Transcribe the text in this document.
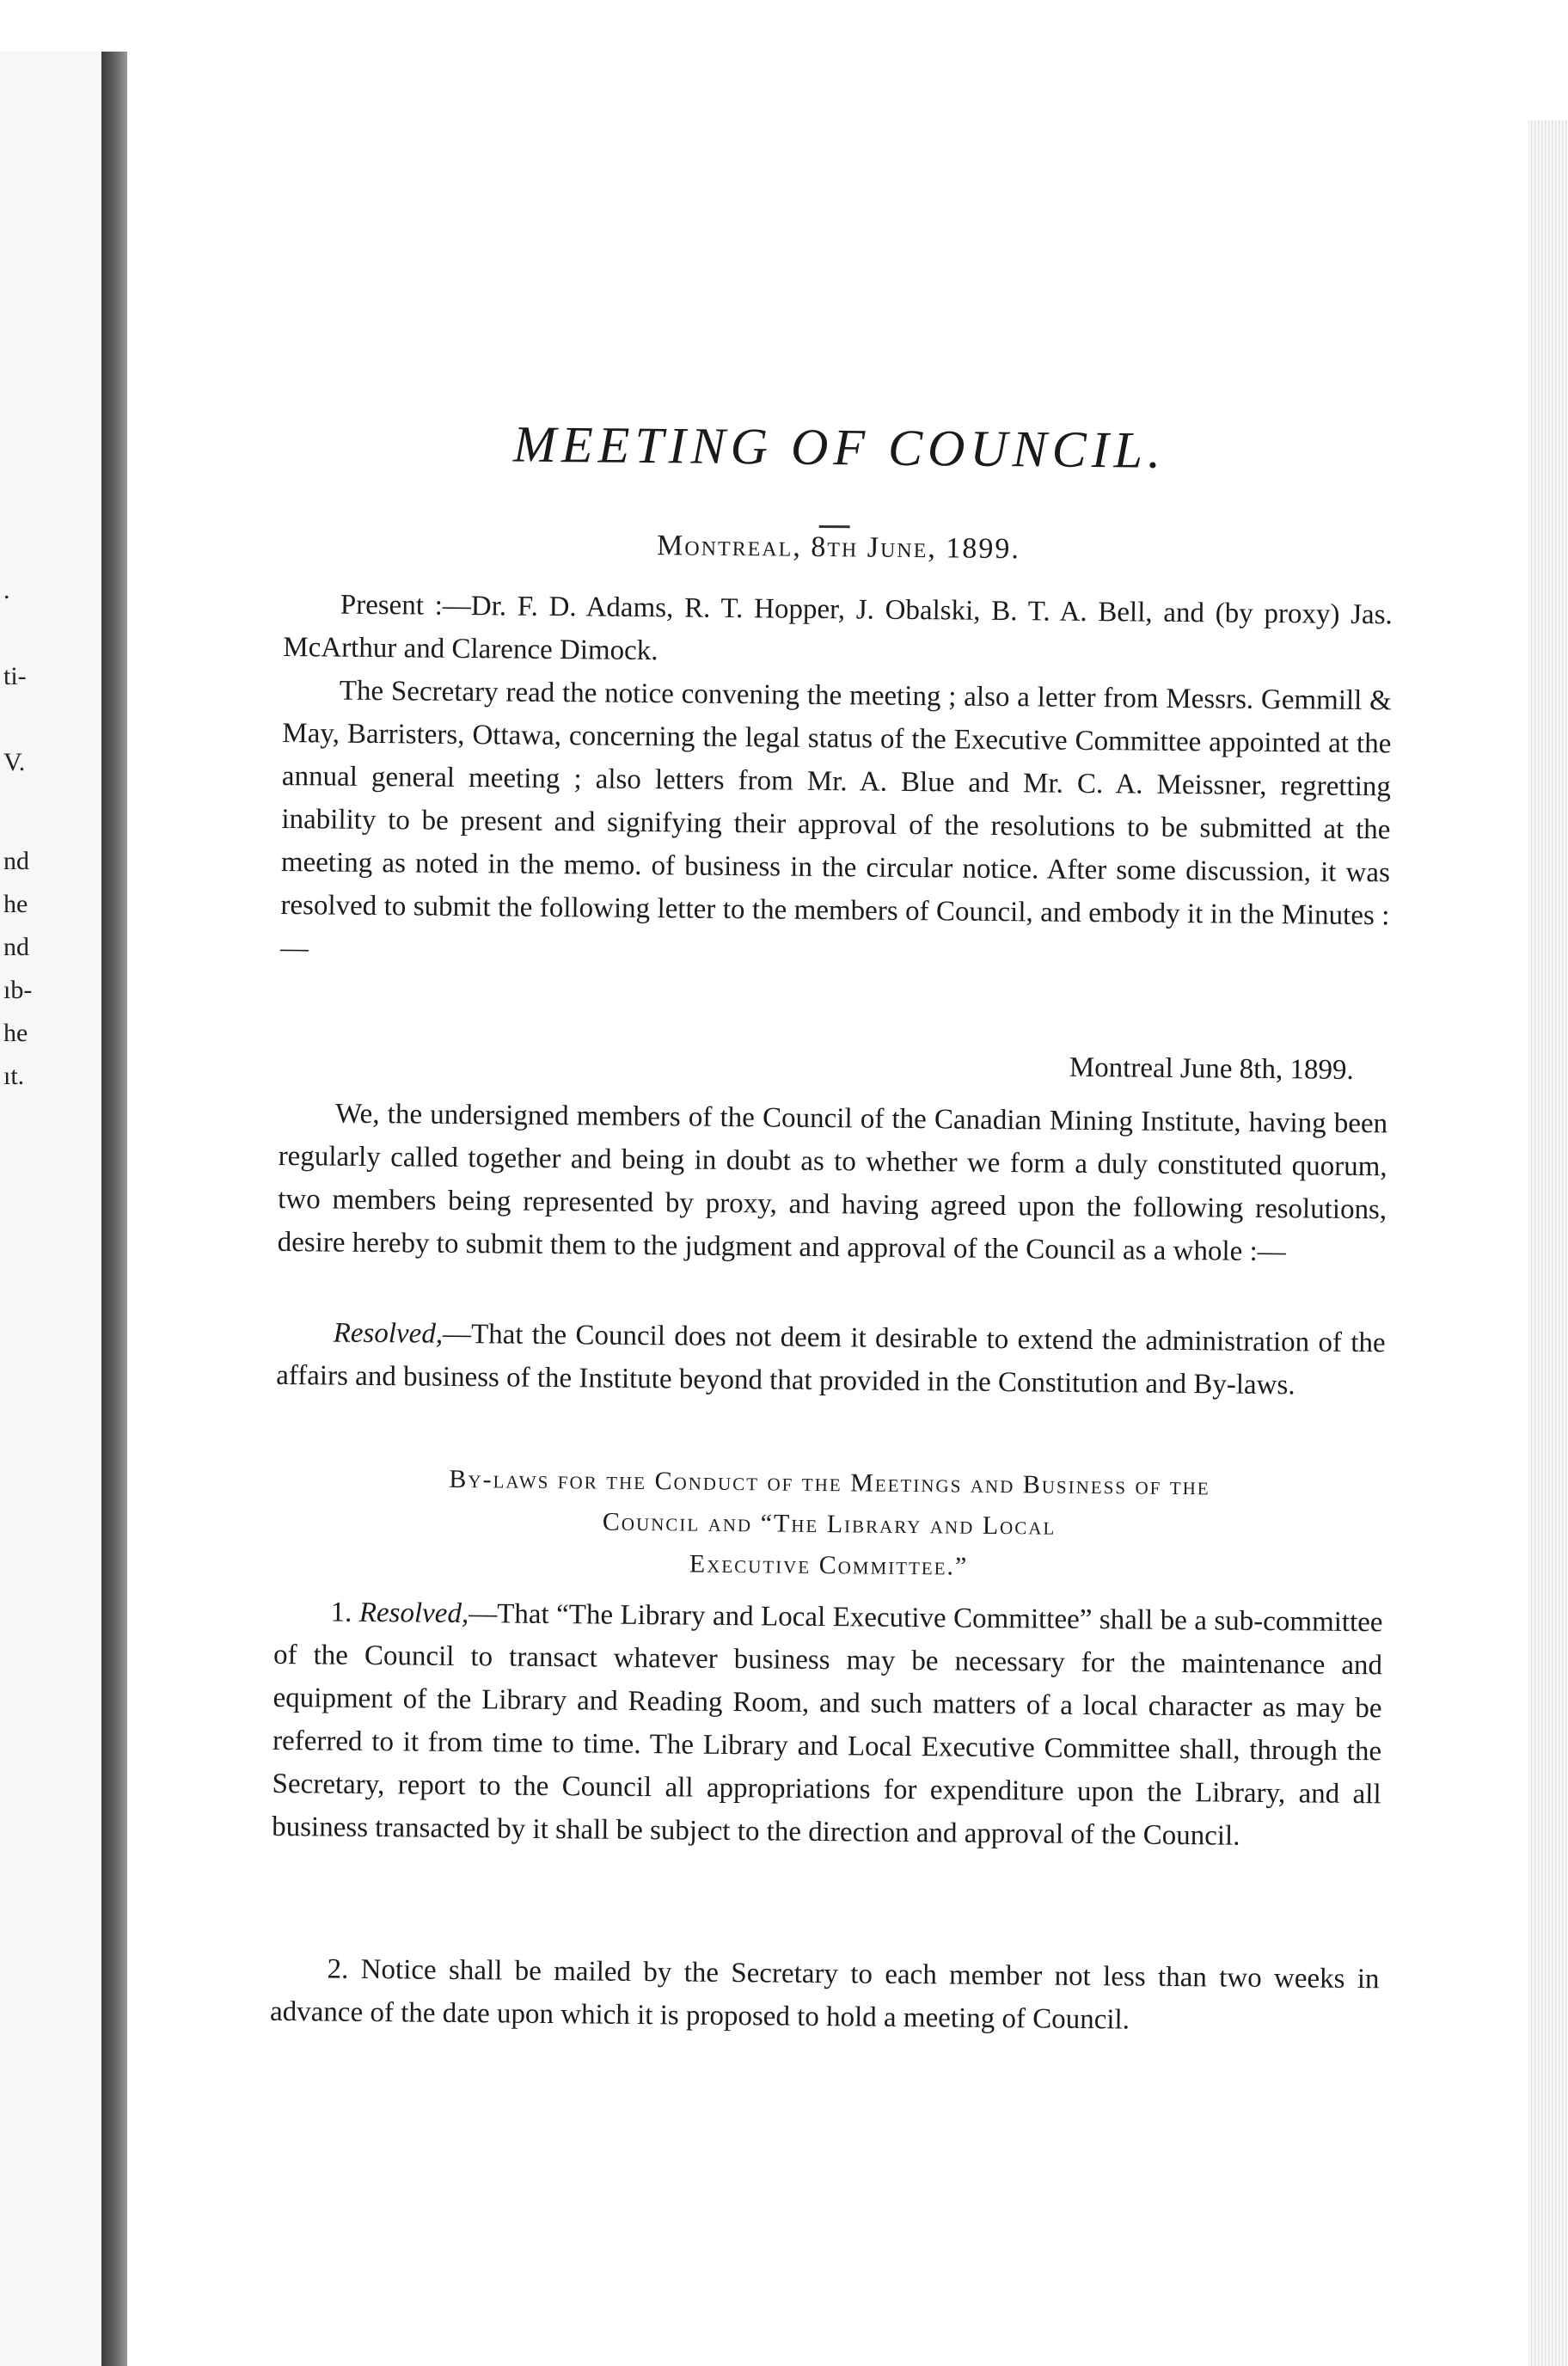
.
ti-
V.
nd
he
nd
ıb-
he
ıt.
MEETING OF COUNCIL.
Montreal, 8th June, 1899.
Present :—Dr. F. D. Adams, R. T. Hopper, J. Obalski, B. T. A. Bell, and (by proxy) Jas. McArthur and Clarence Dimock.
The Secretary read the notice convening the meeting ; also a letter from Messrs. Gemmill & May, Barristers, Ottawa, concerning the legal status of the Executive Committee appointed at the annual general meeting ; also letters from Mr. A. Blue and Mr. C. A. Meissner, regretting inability to be present and signifying their approval of the resolutions to be submitted at the meeting as noted in the memo. of business in the circular notice. After some discussion, it was resolved to submit the following letter to the members of Council, and embody it in the Minutes :—
Montreal June 8th, 1899.
We, the undersigned members of the Council of the Canadian Mining Institute, having been regularly called together and being in doubt as to whether we form a duly constituted quorum, two members being represented by proxy, and having agreed upon the following resolutions, desire hereby to submit them to the judgment and approval of the Council as a whole :—
Resolved,—That the Council does not deem it desirable to extend the administration of the affairs and business of the Institute beyond that provided in the Constitution and By-laws.
By-laws for the Conduct of the Meetings and Business of the
Council and “The Library and Local
Executive Committee.”
1. Resolved,—That “The Library and Local Executive Committee” shall be a sub-committee of the Council to transact whatever business may be necessary for the maintenance and equipment of the Library and Reading Room, and such matters of a local character as may be referred to it from time to time. The Library and Local Executive Committee shall, through the Secretary, report to the Council all appropriations for expenditure upon the Library, and all business transacted by it shall be subject to the direction and approval of the Council.
2. Notice shall be mailed by the Secretary to each member not less than two weeks in advance of the date upon which it is proposed to hold a meeting of Council.
